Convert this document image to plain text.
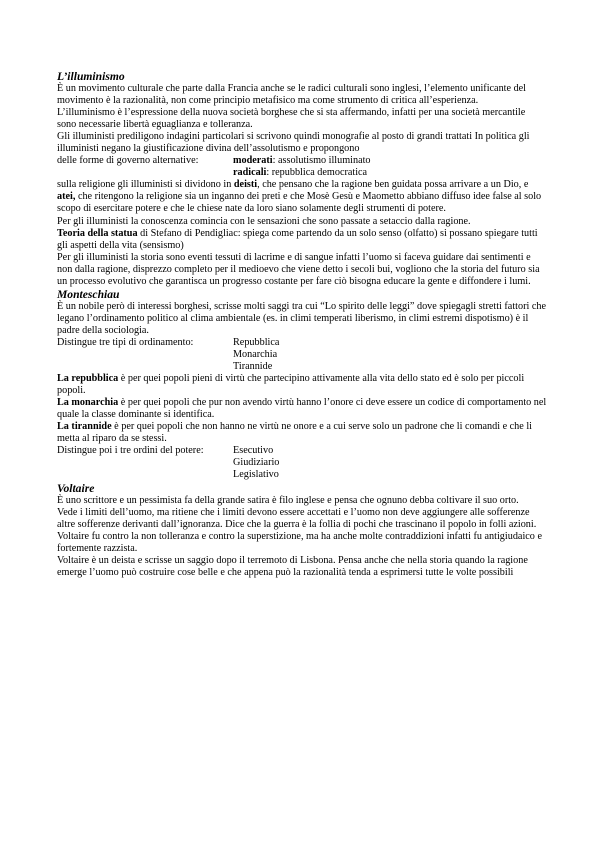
L’illuminismo

È un movimento culturale che parte dalla Francia anche se le radici culturali sono inglesi, l’elemento unificante del movimento è la razionalità, non come principio metafisico ma come strumento di critica all’esperienza.

L’illuminismo è l’espressione della nuova società borghese che si sta affermando, infatti per una società mercantile sono necessarie libertà eguaglianza e tolleranza.

Gli illuministi prediligono indagini particolari si scrivono quindi monografie al posto di grandi trattati In politica gli illuministi negano la giustificazione divina dell’assolutismo e propongono

delle forme di governo alternative:	moderati: assolutismo illuminato
radicali: repubblica democratica

sulla religione gli illuministi si dividono in deisti, che pensano che la ragione ben guidata possa arrivare a un Dio, e atei, che ritengono la religione sia un inganno dei preti e che Mosè Gesù e Maometto abbiano diffuso idee false al solo scopo di esercitare potere e che le chiese nate da loro siano solamente degli strumenti di potere.

Per gli illuministi la conoscenza comincia con le sensazioni che sono passate a setaccio dalla ragione.

Teoria della statua di Stefano di Pendigliac: spiega come partendo da un solo senso (olfatto) si possano spiegare tutti gli aspetti della vita (sensismo)

Per gli illuministi la storia sono eventi tessuti di lacrime e di sangue infatti l’uomo si faceva guidare dai sentimenti e non dalla ragione, disprezzo completo per il medioevo che viene detto i secoli bui, vogliono che la storia del futuro sia un processo evolutivo che garantisca un progresso costante per fare ciò bisogna educare la gente e diffondere i lumi.

Monteschiau

È un nobile però di interessi borghesi, scrisse molti saggi tra cui “Lo spirito delle leggi” dove spiegagli stretti fattori che legano l’ordinamento politico al clima ambientale (es. in climi temperati liberismo, in climi estremi dispotismo) è il padre della sociologia.

Distingue tre tipi di ordinamento:	Repubblica
Monarchia
Tirannide

La repubblica è per quei popoli pieni di virtù che partecipino attivamente alla vita dello stato ed è solo per piccoli popoli.

La monarchia è per quei popoli che pur non avendo virtù hanno l’onore ci deve essere un codice di comportamento nel quale la classe dominante si identifica.

La tirannide è per quei popoli che non hanno ne virtù ne onore e a cui serve solo un padrone che li comandi e che li metta al riparo da se stessi.

Distingue poi i tre ordini del potere:	Esecutivo
Giudiziario
Legislativo
Voltaire

È uno scrittore e un pessimista fa della grande satira è filo inglese e pensa che ognuno debba coltivare il suo orto.

Vede i limiti dell’uomo, ma ritiene che i limiti devono essere accettati e l’uomo non deve aggiungere alle sofferenze altre sofferenze derivanti dall’ignoranza. Dice che la guerra è la follia di pochi che trascinano il popolo in folli azioni.

Voltaire fu contro la non tolleranza e contro la superstizione, ma ha anche molte contraddizioni infatti fu antigiudaico e fortemente razzista.

Voltaire è un deista e scrisse un saggio dopo il terremoto di Lisbona. Pensa anche che nella storia quando la ragione emerge l’uomo può costruire cose belle e che appena può la razionalità tenda a esprimersi tutte le volte possibili
